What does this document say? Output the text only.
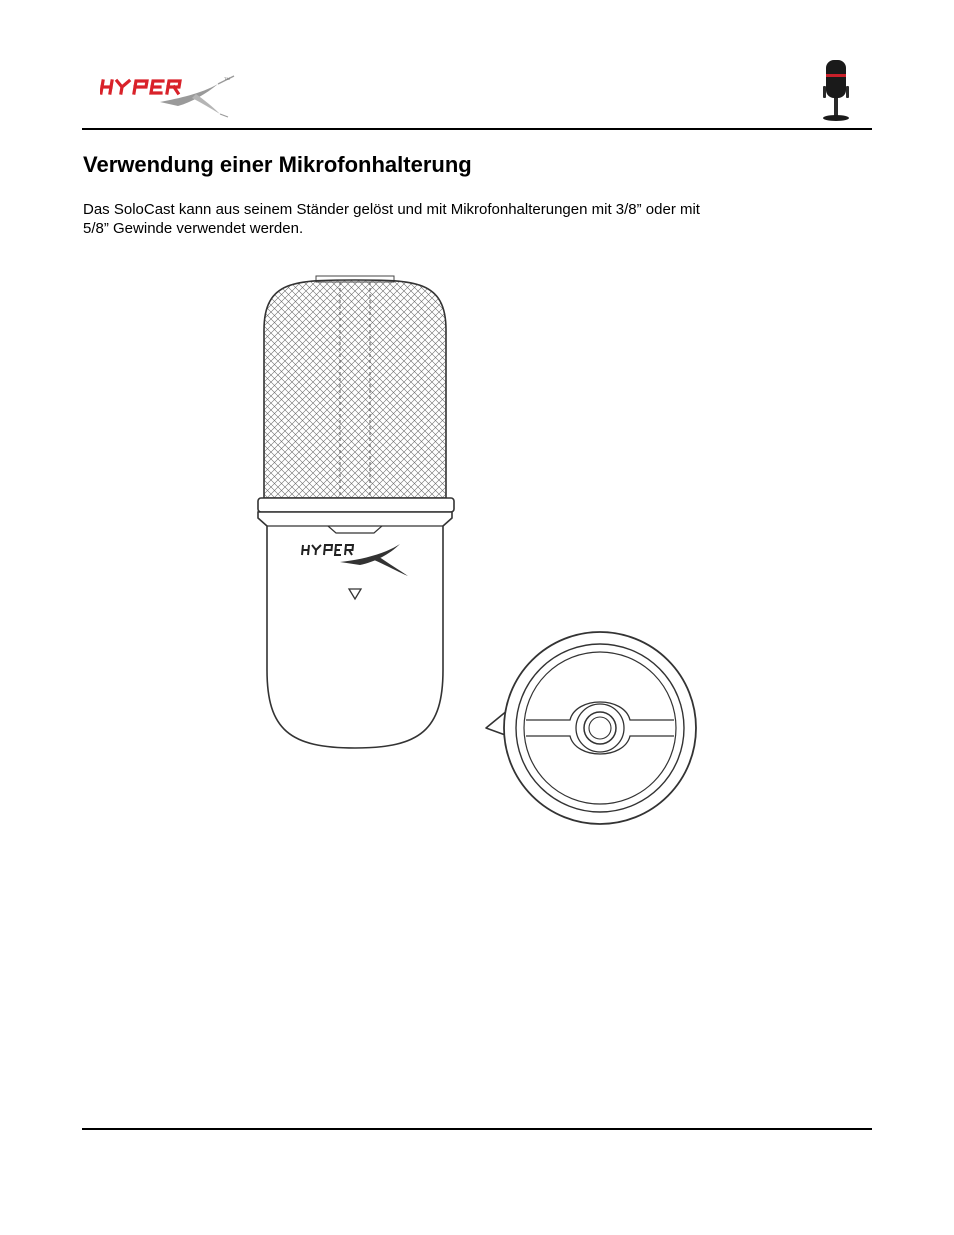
TM
Verwendung einer Mikrofonhalterung

Das SoloCast kann aus seinem Ständer gelöst und mit Mikrofonhalterungen mit 3/8” oder mit
5/8” Gewinde verwendet werden.
